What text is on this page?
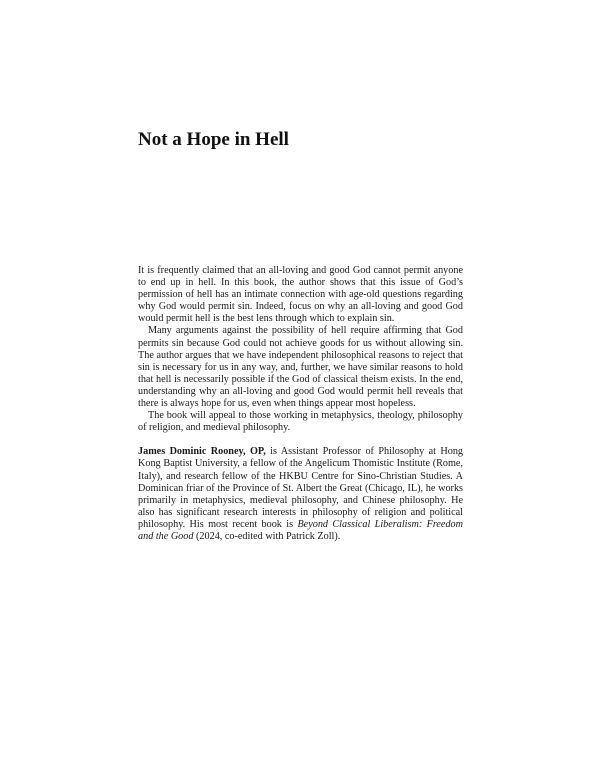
Not a Hope in Hell

It is frequently claimed that an all-loving and good God cannot permit anyone to end up in hell. In this book, the author shows that this issue of God’s permission of hell has an intimate connection with age-old questions regarding why God would permit sin. Indeed, focus on why an all-loving and good God would permit hell is the best lens through which to explain sin.

Many arguments against the possibility of hell require affirming that God permits sin because God could not achieve goods for us without allowing sin. The author argues that we have independent philosophical reasons to reject that sin is necessary for us in any way, and, further, we have similar reasons to hold that hell is necessarily possible if the God of classical theism exists. In the end, understanding why an all-loving and good God would permit hell reveals that there is always hope for us, even when things appear most hopeless.

The book will appeal to those working in metaphysics, theology, philosophy of religion, and medieval philosophy.

James Dominic Rooney, OP, is Assistant Professor of Philosophy at Hong Kong Baptist University, a fellow of the Angelicum Thomistic Institute (Rome, Italy), and research fellow of the HKBU Centre for Sino-Christian Studies. A Dominican friar of the Province of St. Albert the Great (Chicago, IL), he works primarily in metaphysics, medieval philosophy, and Chinese philosophy. He also has significant research interests in philosophy of religion and political philosophy. His most recent book is Beyond Classical Liberalism: Freedom and the Good (2024, co-edited with Patrick Zoll).
